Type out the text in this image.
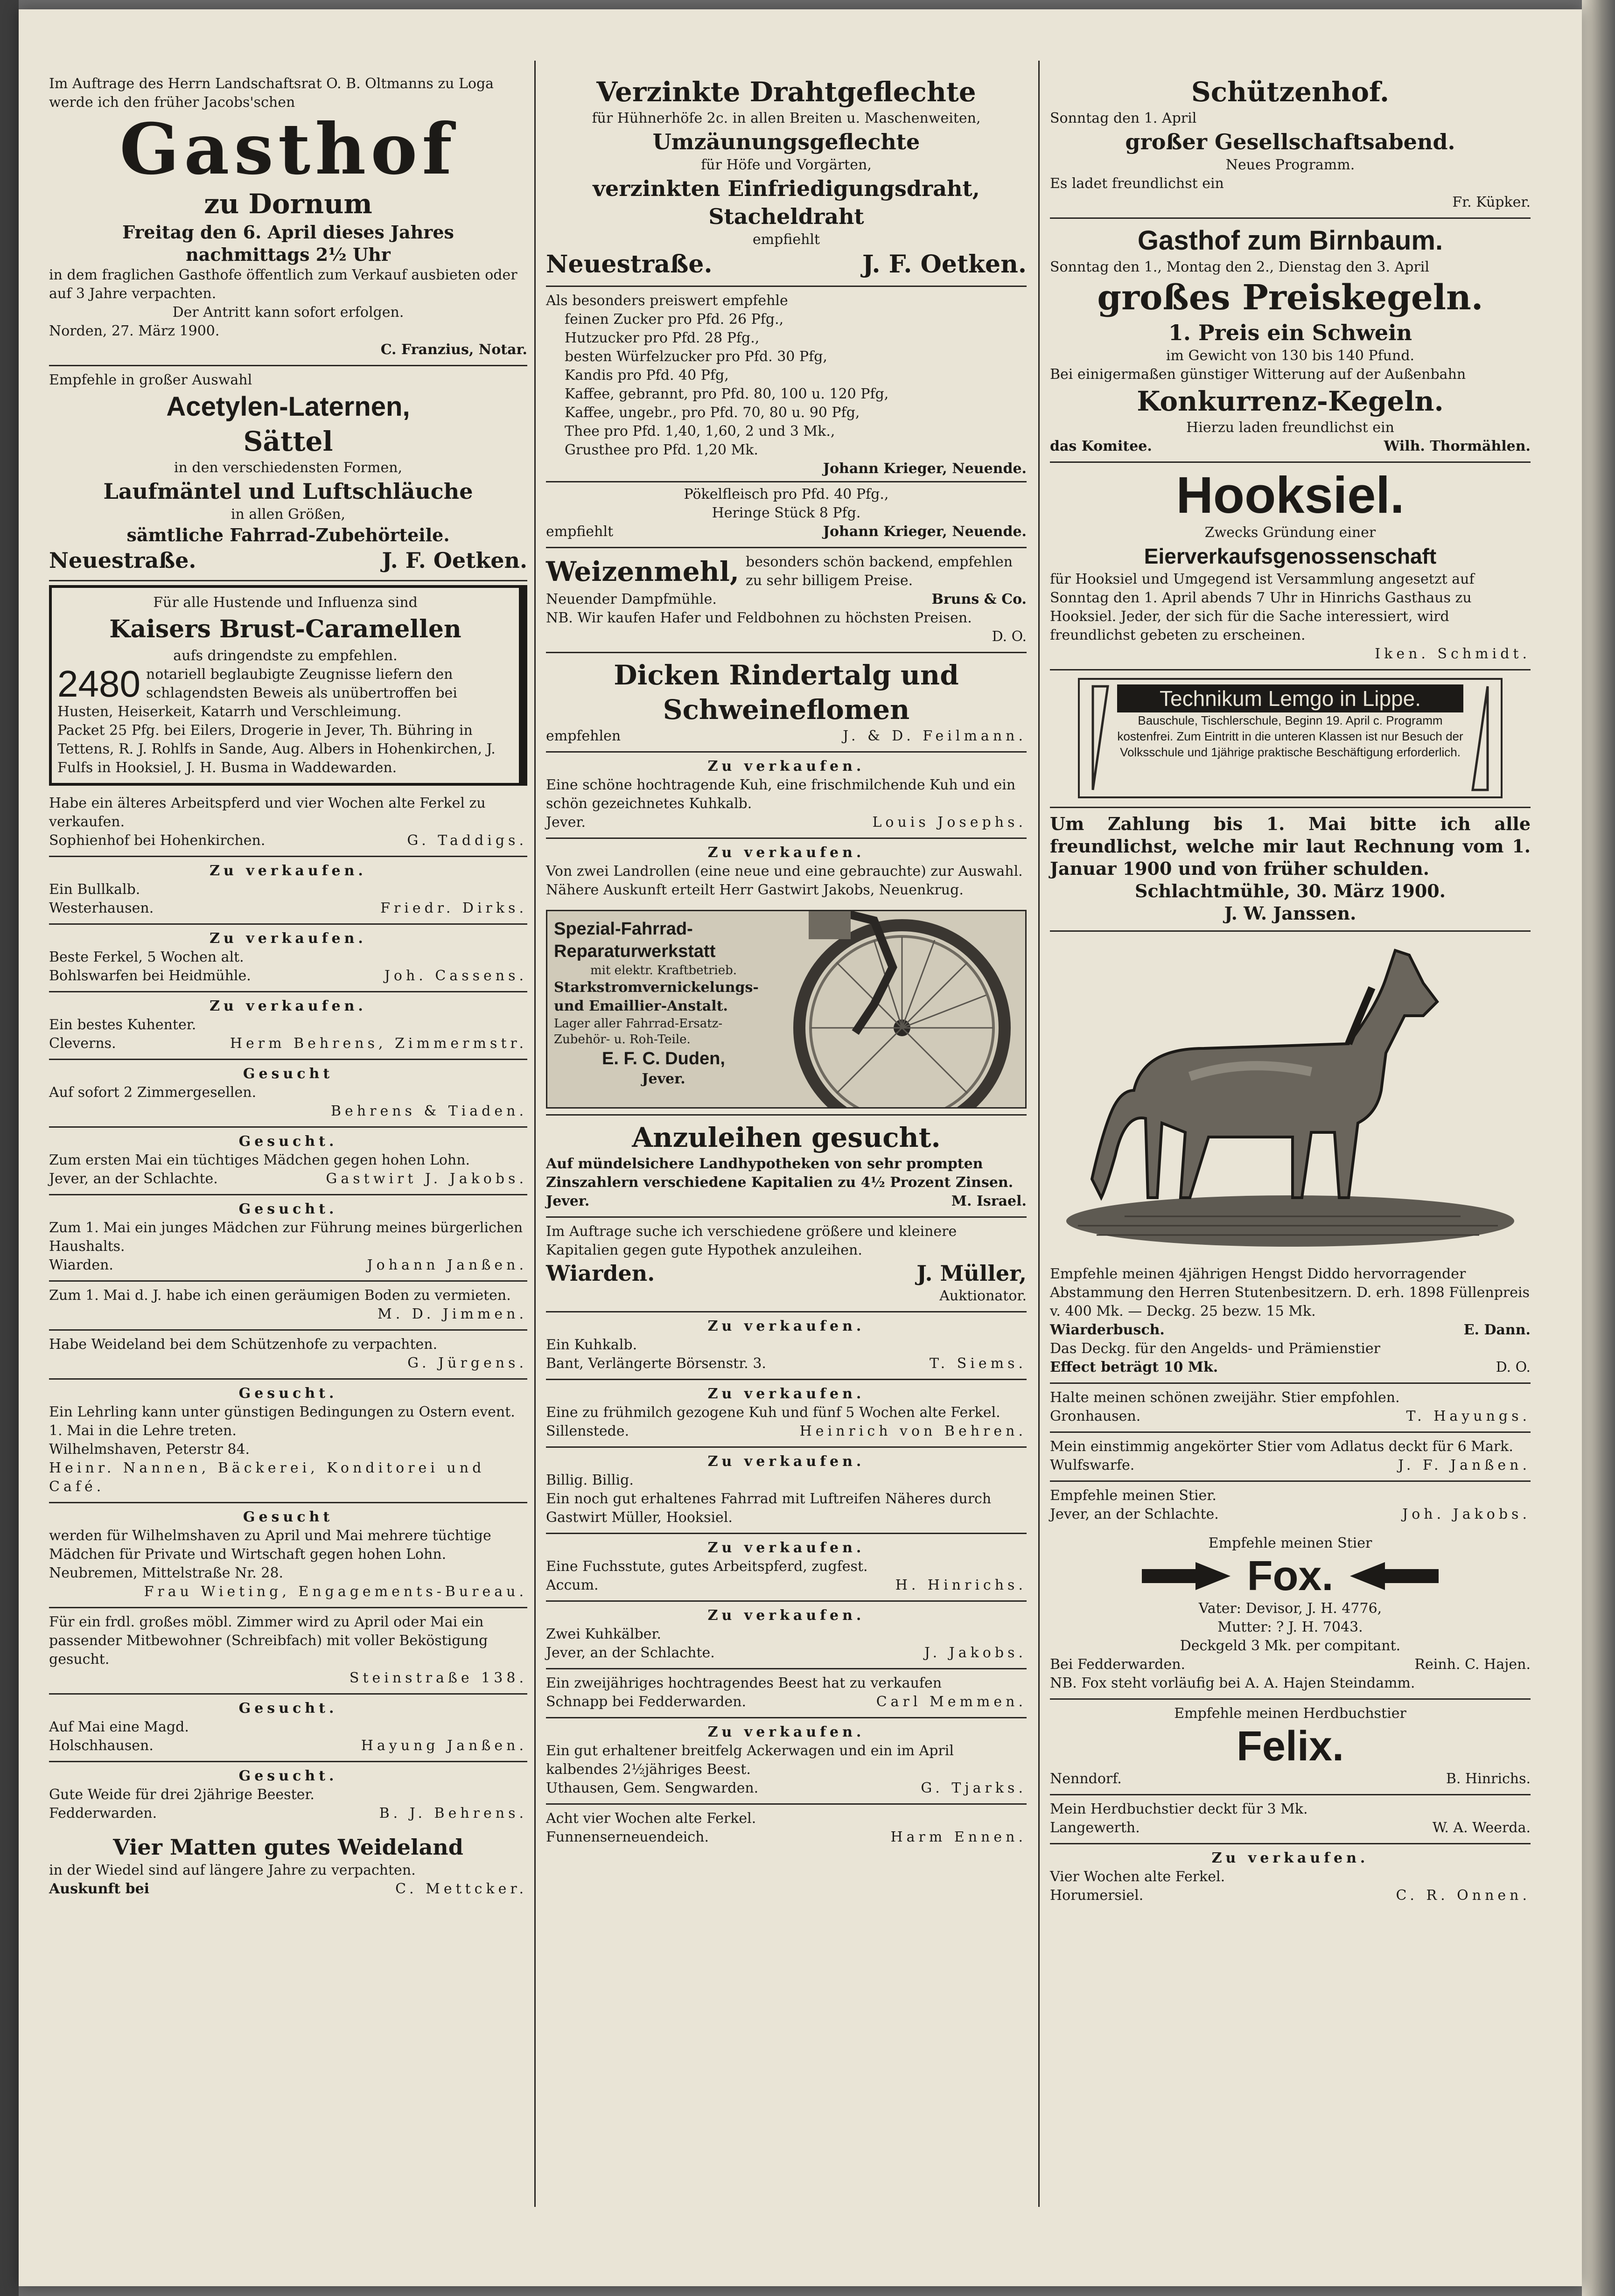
Im Auftrage des Herrn Landschaftsrat O. B. Oltmanns zu Loga werde ich den früher Jacobs'schen

Gasthof

zu Dornum

Freitag den 6. April dieses Jahres

nachmittags 2½ Uhr

in dem fraglichen Gasthofe öffentlich zum Verkauf ausbieten oder auf 3 Jahre verpachten.

Der Antritt kann sofort erfolgen.

Norden, 27. März 1900.

C. Franzius, Notar.

Empfehle in großer Auswahl

Acetylen-Laternen,

Sättel

in den verschiedensten Formen,

Laufmäntel und Luftschläuche

in allen Größen,

sämtliche Fahrrad-Zubehörteile.

Neuestraße.	J. F. Oetken.

Für alle Hustende und Influenza sind

Kaisers Brust-Caramellen

aufs dringendste zu empfehlen.

2480 notariell beglaubigte Zeugnisse liefern den schlagendsten Beweis als unübertroffen bei Husten, Heiserkeit, Katarrh und Verschleimung.

Packet 25 Pfg. bei Eilers, Drogerie in Jever, Th. Bühring in Tettens, R. J. Rohlfs in Sande, Aug. Albers in Hohenkirchen, J. Fulfs in Hooksiel, J. H. Busma in Waddewarden.

Habe ein älteres Arbeitspferd und vier Wochen alte Ferkel zu verkaufen.

Sophienhof bei Hohenkirchen.	G. Taddigs.

Zu verkaufen.

Ein Bullkalb.

Westerhausen.	Friedr. Dirks.

Zu verkaufen.

Beste Ferkel, 5 Wochen alt.

Bohlswarfen bei Heidmühle.	Joh. Cassens.

Zu verkaufen.

Ein bestes Kuhenter.

Cleverns.	Herm Behrens, Zimmermstr.

Gesucht

Auf sofort 2 Zimmergesellen.

Behrens & Tiaden.

Gesucht.

Zum ersten Mai ein tüchtiges Mädchen gegen hohen Lohn.

Jever, an der Schlachte.	Gastwirt J. Jakobs.

Gesucht.

Zum 1. Mai ein junges Mädchen zur Führung meines bürgerlichen Haushalts.

Wiarden.	Johann Janßen.

Zum 1. Mai d. J. habe ich einen geräumigen Boden zu vermieten.

M. D. Jimmen.

Habe Weideland bei dem Schützenhofe zu verpachten.

G. Jürgens.

Gesucht.

Ein Lehrling kann unter günstigen Bedingungen zu Ostern event. 1. Mai in die Lehre treten.

Wilhelmshaven, Peterstr 84.

Heinr. Nannen, Bäckerei, Konditorei und Café.

Gesucht

werden für Wilhelmshaven zu April und Mai mehrere tüchtige Mädchen für Private und Wirtschaft gegen hohen Lohn.

Neubremen, Mittelstraße Nr. 28.

Frau Wieting, Engagements-Bureau.

Für ein frdl. großes möbl. Zimmer wird zu April oder Mai ein passender Mitbewohner (Schreibfach) mit voller Beköstigung gesucht.

Steinstraße 138.

Gesucht.

Auf Mai eine Magd.

Holschhausen.	Hayung Janßen.

Gesucht.

Gute Weide für drei 2jährige Beester.

Fedderwarden.	B. J. Behrens.

Vier Matten gutes Weideland

in der Wiedel sind auf längere Jahre zu verpachten.

Auskunft bei	C. Mettcker.

Verzinkte Drahtgeflechte

für Hühnerhöfe 2c. in allen Breiten u. Maschenweiten,

Umzäunungsgeflechte

für Höfe und Vorgärten,

verzinkten Einfriedigungsdraht,

Stacheldraht

empfiehlt

Neuestraße.	J. F. Oetken.

Als besonders preiswert empfehle

feinen Zucker pro Pfd. 26 Pfg.,

Hutzucker pro Pfd. 28 Pfg.,

besten Würfelzucker pro Pfd. 30 Pfg,

Kandis pro Pfd. 40 Pfg,

Kaffee, gebrannt, pro Pfd. 80, 100 u. 120 Pfg,

Kaffee, ungebr., pro Pfd. 70, 80 u. 90 Pfg,

Thee pro Pfd. 1,40, 1,60, 2 und 3 Mk.,

Grusthee pro Pfd. 1,20 Mk.

Johann Krieger, Neuende.

Pökelfleisch pro Pfd. 40 Pfg.,

Heringe Stück 8 Pfg.

empfiehlt	Johann Krieger, Neuende.
Weizenmehl, besonders schön backend, empfehlen zu sehr billigem Preise.
Neuender Dampfmühle.	Bruns & Co.

NB. Wir kaufen Hafer und Feldbohnen zu höchsten Preisen.

D. O.

Dicken Rindertalg und Schweineflomen

empfehlen	J. & D. Feilmann.

Zu verkaufen.

Eine schöne hochtragende Kuh, eine frischmilchende Kuh und ein schön gezeichnetes Kuhkalb.

Jever.	Louis Josephs.

Zu verkaufen.

Von zwei Landrollen (eine neue und eine gebrauchte) zur Auswahl.

Nähere Auskunft erteilt Herr Gastwirt Jakobs, Neuenkrug.

Spezial-Fahrrad-Reparaturwerkstatt

mit elektr. Kraftbetrieb.

Starkstromvernickelungs- und Emaillier-Anstalt.

Lager aller Fahrrad-Ersatz-Zubehör- u. Roh-Teile.

E. F. C. Duden,

Jever.

Anzuleihen gesucht.

Auf mündelsichere Landhypotheken von sehr prompten Zinszahlern verschiedene Kapitalien zu 4½ Prozent Zinsen.

Jever.	M. Israel.

Im Auftrage suche ich verschiedene größere und kleinere Kapitalien gegen gute Hypothek anzuleihen.

Wiarden.	J. Müller,

Auktionator.

Zu verkaufen.

Ein Kuhkalb.

Bant, Verlängerte Börsenstr. 3.	T. Siems.

Zu verkaufen.

Eine zu frühmilch gezogene Kuh und fünf 5 Wochen alte Ferkel.

Sillenstede.	Heinrich von Behren.

Zu verkaufen.

Billig. Billig.

Ein noch gut erhaltenes Fahrrad mit Luftreifen Näheres durch Gastwirt Müller, Hooksiel.

Zu verkaufen.

Eine Fuchsstute, gutes Arbeitspferd, zugfest.

Accum.	H. Hinrichs.

Zu verkaufen.

Zwei Kuhkälber.

Jever, an der Schlachte.	J. Jakobs.

Ein zweijähriges hochtragendes Beest hat zu verkaufen

Schnapp bei Fedderwarden.	Carl Memmen.

Zu verkaufen.

Ein gut erhaltener breitfelg Ackerwagen und ein im April kalbendes 2½jähriges Beest.

Uthausen, Gem. Sengwarden.	G. Tjarks.

Acht vier Wochen alte Ferkel.

Funnenserneuendeich.	Harm Ennen.

Schützenhof.

Sonntag den 1. April

großer Gesellschaftsabend.

Neues Programm.

Es ladet freundlichst ein

Fr. Küpker.

Gasthof zum Birnbaum.

Sonntag den 1., Montag den 2., Dienstag den 3. April

großes Preiskegeln.

1. Preis ein Schwein

im Gewicht von 130 bis 140 Pfund.

Bei einigermaßen günstiger Witterung auf der Außenbahn

Konkurrenz-Kegeln.

Hierzu laden freundlichst ein

das Komitee.	Wilh. Thormählen.

Hooksiel.

Zwecks Gründung einer

Eierverkaufsgenossenschaft

für Hooksiel und Umgegend ist Versammlung angesetzt auf Sonntag den 1. April abends 7 Uhr in Hinrichs Gasthaus zu Hooksiel. Jeder, der sich für die Sache interessiert, wird freundlichst gebeten zu erscheinen.

Iken. Schmidt.

Technikum Lemgo in Lippe.

Bauschule, Tischlerschule, Beginn 19. April c. Programm kostenfrei. Zum Eintritt in die unteren Klassen ist nur Besuch der Volksschule und 1jährige praktische Beschäftigung erforderlich.

Um Zahlung bis 1. Mai bitte ich alle freundlichst, welche mir laut Rechnung vom 1. Januar 1900 und von früher schulden.

Schlachtmühle, 30. März 1900.

J. W. Janssen.

Empfehle meinen 4jährigen Hengst Diddo hervorragender Abstammung den Herren Stutenbesitzern. D. erh. 1898 Füllenpreis v. 400 Mk. — Deckg. 25 bezw. 15 Mk.

Wiarderbusch.	E. Dann.

Das Deckg. für den Angelds- und Prämienstier

Effect beträgt 10 Mk.	D. O.

Halte meinen schönen zweijähr. Stier empfohlen.

Gronhausen.	T. Hayungs.

Mein einstimmig angekörter Stier vom Adlatus deckt für 6 Mark.

Wulfswarfe.	J. F. Janßen.

Empfehle meinen Stier.

Jever, an der Schlachte.	Joh. Jakobs.

Empfehle meinen Stier

Fox.

Vater: Devisor, J. H. 4776,

Mutter: ? J. H. 7043.

Deckgeld 3 Mk. per compitant.

Bei Fedderwarden.	Reinh. C. Hajen.

NB. Fox steht vorläufig bei A. A. Hajen Steindamm.

Empfehle meinen Herdbuchstier

Felix.

Nenndorf.	B. Hinrichs.

Mein Herdbuchstier deckt für 3 Mk.

Langewerth.	W. A. Weerda.

Zu verkaufen.

Vier Wochen alte Ferkel.

Horumersiel.	C. R. Onnen.
